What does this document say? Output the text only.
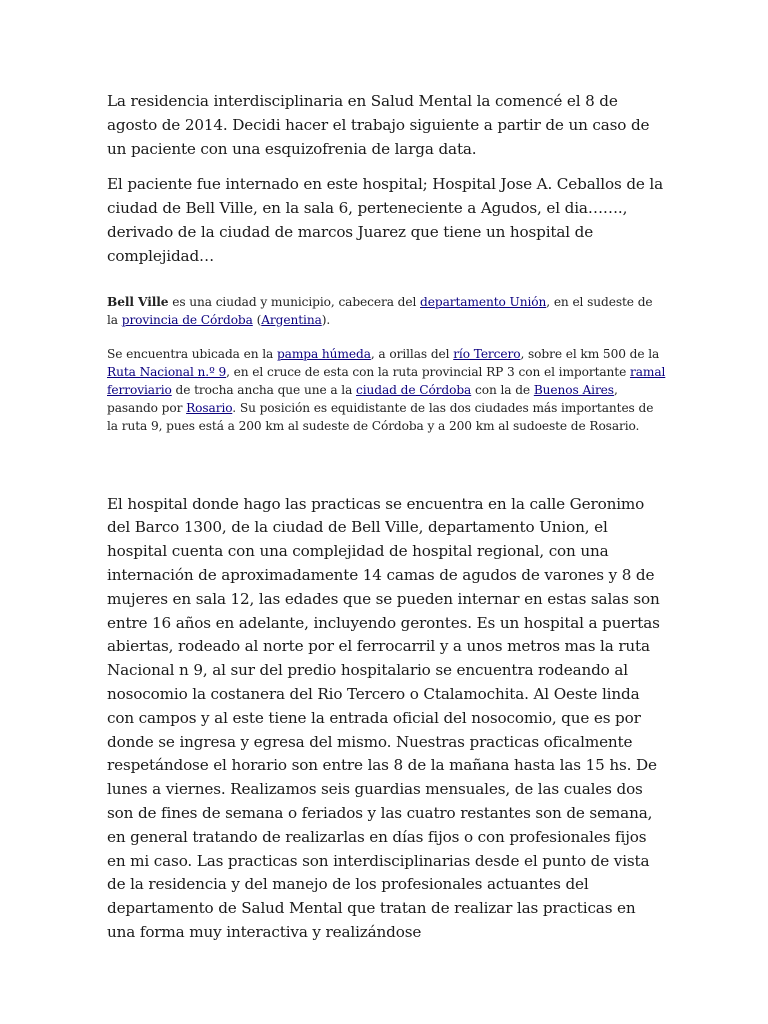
La residencia interdisciplinaria en Salud Mental la comencé el 8 de agosto de 2014. Decidi hacer el trabajo siguiente a partir de un caso de un paciente con una esquizofrenia de larga data.

El paciente fue internado en este hospital; Hospital Jose A. Ceballos de la ciudad de Bell Ville, en la sala 6, perteneciente a Agudos, el dia……., derivado de la ciudad de marcos Juarez que tiene un hospital de complejidad…

Bell Ville es una ciudad y municipio, cabecera del departamento Unión, en el sudeste de la provincia de Córdoba (Argentina).

Se encuentra ubicada en la pampa húmeda, a orillas del río Tercero, sobre el km 500 de la Ruta Nacional n.º 9, en el cruce de esta con la ruta provincial RP 3 con el importante ramal ferroviario de trocha ancha que une a la ciudad de Córdoba con la de Buenos Aires, pasando por Rosario. Su posición es equidistante de las dos ciudades más importantes de la ruta 9, pues está a 200 km al sudeste de Córdoba y a 200 km al sudoeste de Rosario.

El hospital donde hago las practicas se encuentra en la calle Geronimo del Barco 1300, de la ciudad de Bell Ville, departamento Union, el hospital cuenta con una complejidad de hospital regional, con una internación de aproximadamente 14 camas de agudos de varones y 8 de mujeres en sala 12, las edades que se pueden internar en estas salas son entre 16 años en adelante, incluyendo gerontes. Es un hospital a puertas abiertas, rodeado al norte por el ferrocarril y a unos metros mas la ruta Nacional n 9, al sur del predio hospitalario se encuentra rodeando al nosocomio la costanera del Rio Tercero o Ctalamochita. Al Oeste linda con campos y al este tiene la entrada oficial del nosocomio, que es por donde se ingresa y egresa del mismo. Nuestras practicas oficalmente respetándose el horario son entre las 8 de la mañana hasta las 15 hs. De lunes a viernes. Realizamos seis guardias mensuales, de las cuales dos son de fines de semana o feriados y las cuatro restantes son de semana, en general tratando de realizarlas en días fijos o con profesionales fijos en mi caso. Las practicas son interdisciplinarias desde el punto de vista de la residencia y del manejo de los profesionales actuantes del departamento de Salud Mental que tratan de realizar las practicas en una forma muy interactiva y realizándose
